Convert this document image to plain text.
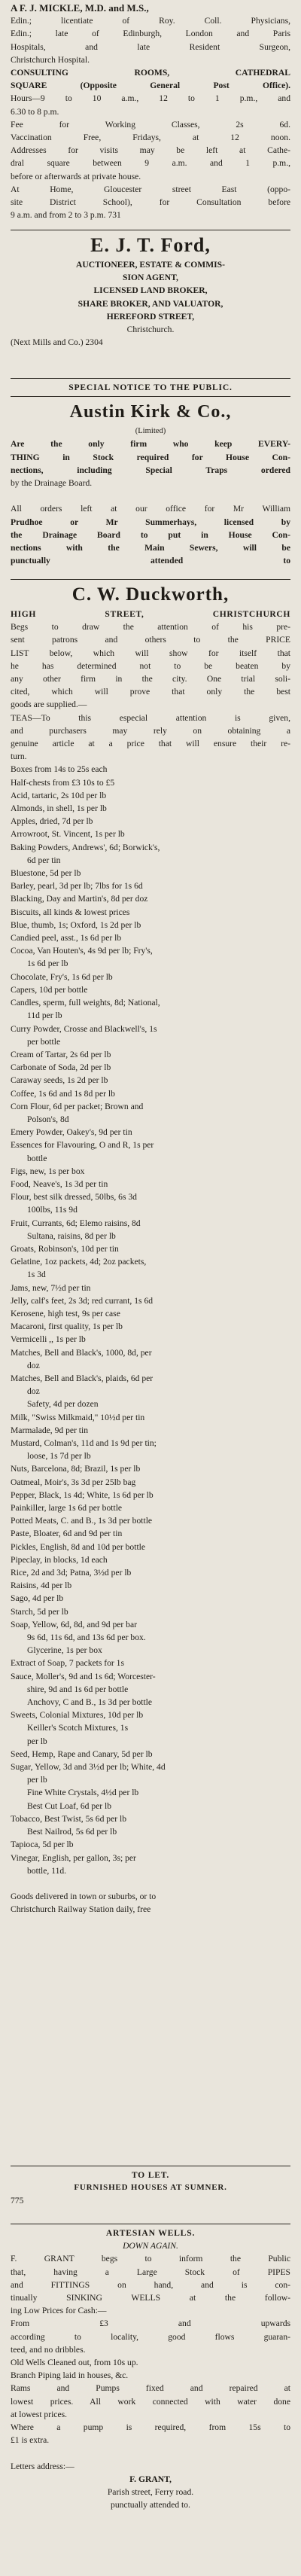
A F. J. MICKLE, M.D. and M.S.,
Edin.; licentiate of Roy. Coll. Physicians,
Edin.; late of Edinburgh, London and Paris
Hospitals, and late Resident Surgeon,
Christchurch Hospital.
CONSULTING ROOMS, CATHEDRAL
SQUARE (Opposite General Post Office).
Hours—9 to 10 a.m., 12 to 1 p.m., and
6.30 to 8 p.m.
Fee for Working Classes, 2s 6d.
Vaccination Free, Fridays, at 12 noon.
Addresses for visits may be left at Cathe-
dral square between 9 a.m. and 1 p.m.,
before or afterwards at private house.
At Home, Gloucester street East (oppo-
site District School), for Consultation before
9 a.m. and from 2 to 3 p.m. 731
E. J. T. Ford,
AUCTIONEER, ESTATE & COMMIS-
SION AGENT,
LICENSED LAND BROKER,
SHARE BROKER, AND VALUATOR,
HEREFORD STREET,
Christchurch.
(Next Mills and Co.) 2304
SPECIAL NOTICE TO THE PUBLIC.
Austin Kirk & Co.,
(Limited)
Are the only firm who keep EVERY-
THING in Stock required for House Con-
nections, including Special Traps ordered
by the Drainage Board.

All orders left at our office for Mr William
Prudhoe or Mr Summerhays, licensed by
the Drainage Board to put in House Con-
nections with the Main Sewers, will be
punctually attended to
C. W. Duckworth,
HIGH STREET, CHRISTCHURCH
Begs to draw the attention of his pre-
sent patrons and others to the PRICE
LIST below, which will show for itself that
he has determined not to be beaten by
any other firm in the city. One trial soli-
cited, which will prove that only the best
goods are supplied.—
TEAS—To this especial attention is given,
and purchasers may rely on obtaining a
genuine article at a price that will ensure their re-
turn.
Boxes from 14s to 25s each
Half-chests from £3 10s to £5
Acid, tartaric, 2s 10d per lb
Almonds, in shell, 1s per lb
Apples, dried, 7d per lb
Arrowroot, St. Vincent, 1s per lb
Baking Powders, Andrews', 6d; Borwick's,
6d per tin
Bluestone, 5d per lb
Barley, pearl, 3d per lb; 7lbs for 1s 6d
Blacking, Day and Martin's, 8d per doz
Biscuits, all kinds & lowest prices
Blue, thumb, 1s; Oxford, 1s 2d per lb
Candied peel, asst., 1s 6d per lb
Cocoa, Van Houten's, 4s 9d per lb; Fry's,
1s 6d per lb
Chocolate, Fry's, 1s 6d per lb
Capers, 10d per bottle
Candles, sperm, full weights, 8d; National,
11d per lb
Curry Powder, Crosse and Blackwell's, 1s
per bottle
Cream of Tartar, 2s 6d per lb
Carbonate of Soda, 2d per lb
Caraway seeds, 1s 2d per lb
Coffee, 1s 6d and 1s 8d per lb
Corn Flour, 6d per packet; Brown and
Polson's, 8d
Emery Powder, Oakey's, 9d per tin
Essences for Flavouring, O and R, 1s per
bottle
Figs, new, 1s per box
Food, Neave's, 1s 3d per tin
Flour, best silk dressed, 50lbs, 6s 3d
100lbs, 11s 9d
Fruit, Currants, 6d; Elemo raisins, 8d
Sultana, raisins, 8d per lb
Groats, Robinson's, 10d per tin
Gelatine, 1oz packets, 4d; 2oz packets,
1s 3d
Jams, new, 7½d per tin
Jelly, calf's feet, 2s 3d; red currant, 1s 6d
Kerosene, high test, 9s per case
Macaroni, first quality, 1s per lb
Vermicelli ,, 1s per lb
Matches, Bell and Black's, 1000, 8d, per
doz
Matches, Bell and Black's, plaids, 6d per
doz
Safety, 4d per dozen
Milk, "Swiss Milkmaid," 10½d per tin
Marmalade, 9d per tin
Mustard, Colman's, 11d and 1s 9d per tin;
loose, 1s 7d per lb
Nuts, Barcelona, 8d; Brazil, 1s per lb
Oatmeal, Moir's, 3s 3d per 25lb bag
Pepper, Black, 1s 4d; White, 1s 6d per lb
Painkiller, large 1s 6d per bottle
Potted Meats, C. and B., 1s 3d per bottle
Paste, Bloater, 6d and 9d per tin
Pickles, English, 8d and 10d per bottle
Pipeclay, in blocks, 1d each
Rice, 2d and 3d; Patna, 3½d per lb
Raisins, 4d per lb
Sago, 4d per lb
Starch, 5d per lb
Soap, Yellow, 6d, 8d, and 9d per bar
9s 6d, 11s 6d, and 13s 6d per box.
Glycerine, 1s per box
Extract of Soap, 7 packets for 1s
Sauce, Moller's, 9d and 1s 6d; Worcester-
shire, 9d and 1s 6d per bottle
Anchovy, C and B., 1s 3d per bottle
Sweets, Colonial Mixtures, 10d per lb
Keiller's Scotch Mixtures, 1s
per lb
Seed, Hemp, Rape and Canary, 5d per lb
Sugar, Yellow, 3d and 3½d per lb; White, 4d
per lb
Fine White Crystals, 4½d per lb
Best Cut Loaf, 6d per lb
Tobacco, Best Twist, 5s 6d per lb
Best Nailrod, 5s 6d per lb
Tapioca, 5d per lb
Vinegar, English, per gallon, 3s; per
bottle, 11d.

Goods delivered in town or suburbs, or to
Christchurch Railway Station daily, free
TO LET.
FURNISHED HOUSES AT SUMNER.
775
ARTESIAN WELLS.
DOWN AGAIN.
F. GRANT begs to inform the Public
that, having a Large Stock of PIPES
and FITTINGS on hand, and is con-
tinually SINKING WELLS at the follow-
ing Low Prices for Cash:—
From £3 and upwards
according to locality, good flows guaran-
teed, and no dribbles.
Old Wells Cleaned out, from 10s up.
Branch Piping laid in houses, &c.
Rams and Pumps fixed and repaired at
lowest prices. All work connected with water done
at lowest prices.
Where a pump is required, from 15s to
£1 is extra.

Letters address:—
F. GRANT,
Parish street, Ferry road.
punctually attended to.
